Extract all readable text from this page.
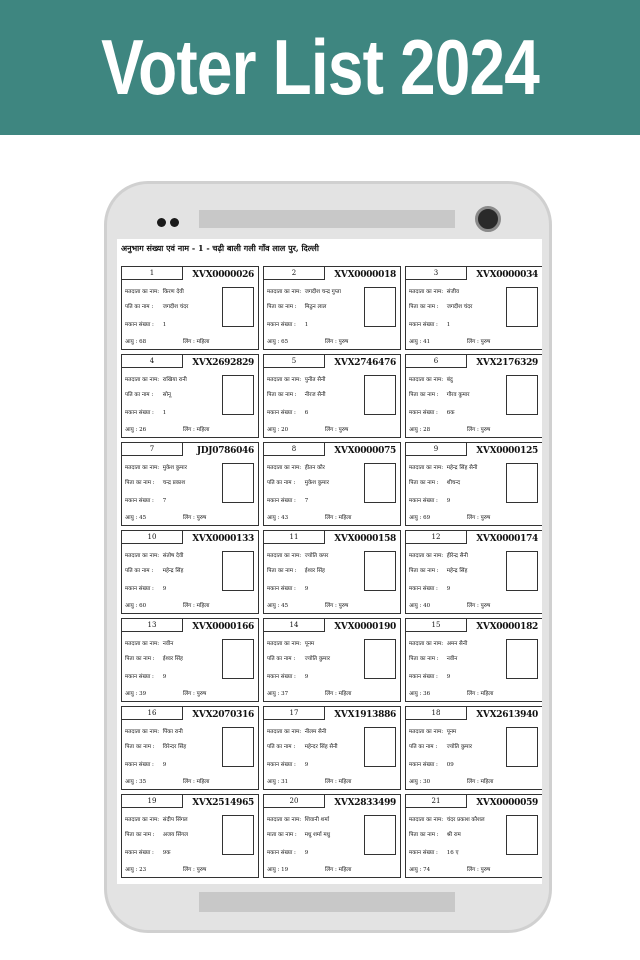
Voter List 2024
अनुभाग संख्या एवं नाम - 1 - चढ़ी बाली गली गाँव लाल पुर, दिल्ली
1	XVX0000026
मतदाता का नाम: किरण देवी
पति का नाम : जगदीश चंदर
मकान संख्या : 1
आयु : 68	लिंग : महिला
2	XVX0000018
मतदाता का नाम: जगदीश चन्द्र गुप्ता
पिता का नाम : मिठुन लाल
मकान संख्या : 1
आयु : 65	लिंग : पुरुष
3	XVX0000034
मतदाता का नाम: संजीव
पिता का नाम : जगदीश चंदर
मकान संख्या : 1
आयु : 41	लिंग : पुरुष
4	XVX2692829
मतदाता का नाम: राखिया रानी
पति का नाम : सोनू
मकान संख्या : 1
आयु : 26	लिंग : महिला
5	XVX2746476
मतदाता का नाम: पुनीत सैनी
पिता का नाम : नीरज सैनी
मकान संख्या : 6
आयु : 20	लिंग : पुरुष
6	XVX2176329
मतदाता का नाम: बंदु
पिता का नाम : गौरव कुमार
मकान संख्या : 6क
आयु : 28	लिंग : पुरुष
7	JDJ0786046
मतदाता का नाम: मुकेश कुमार
पिता का नाम : चन्द्र प्रकाश
मकान संख्या : 7
आयु : 45	लिंग : पुरुष
8	XVX0000075
मतदाता का नाम: हीतन कौर
पति का नाम : मुकेश कुमार
मकान संख्या : 7
आयु : 43	लिंग : महिला
9	XVX0000125
मतदाता का नाम: महेन्द्र सिंह सैनी
पिता का नाम : शीचन्द
मकान संख्या : 9
आयु : 69	लिंग : पुरुष
10	XVX0000133
मतदाता का नाम: संतोष देवी
पति का नाम : महेन्द्र सिंह
मकान संख्या : 9
आयु : 60	लिंग : महिला
11	XVX0000158
मतदाता का नाम: ज्योति कपर
पिता का नाम : ईश्वर सिंह
मकान संख्या : 9
आयु : 45	लिंग : पुरुष
12	XVX0000174
मतदाता का नाम: हीरेन्द्र सैनी
पिता का नाम : महेन्द्र सिंह
मकान संख्या : 9
आयु : 40	लिंग : पुरुष
13	XVX0000166
मतदाता का नाम: नवीन
पिता का नाम : ईश्वर सिंह
मकान संख्या : 9
आयु : 39	लिंग : पुरुष
14	XVX0000190
मतदाता का नाम: पूनम
पति का नाम : ज्योति कुमार
मकान संख्या : 9
आयु : 37	लिंग : महिला
15	XVX0000182
मतदाता का नाम: अमन सैनी
पिता का नाम : नवीन
मकान संख्या : 9
आयु : 36	लिंग : महिला
16	XVX2070316
मतदाता का नाम: पिंका रानी
पिता का नाम : विरेन्दर सिंह
मकान संख्या : 9
आयु : 35	लिंग : महिला
17	XVX1913886
मतदाता का नाम: नीलम सैनी
पति का नाम : महेन्दर सिंह सैनी
मकान संख्या : 9
आयु : 31	लिंग : महिला
18	XVX2613940
मतदाता का नाम: पूनम
पति का नाम : ज्योति कुमार
मकान संख्या : 09
आयु : 30	लिंग : महिला
19	XVX2514965
मतदाता का नाम: संदीप सिंगल
पिता का नाम : अजय सिंगल
मकान संख्या : 9क
आयु : 23	लिंग : पुरुष
20	XVX2833499
मतदाता का नाम: शिवानी शर्मा
माता का नाम : मधु शर्मा मधु
मकान संख्या : 9
आयु : 19	लिंग : महिला
21	XVX0000059
मतदाता का नाम: चंदर प्रकाश कौशल
पिता का नाम : श्री राम
मकान संख्या : 16 ए
आयु : 74	लिंग : पुरुष
